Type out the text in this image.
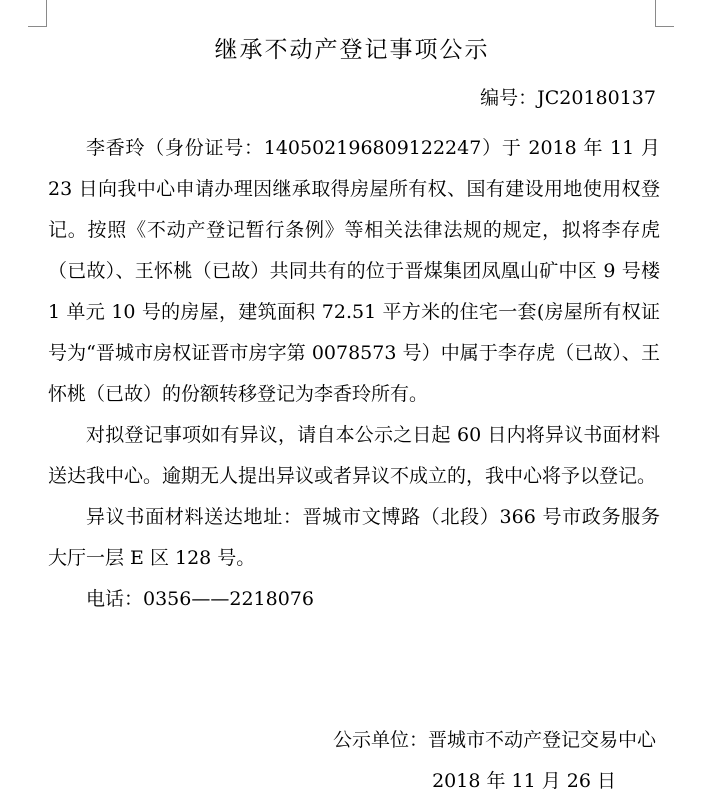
继承不动产登记事项公示
编号：JC20180137

李香玲（身份证号：140502196809122247）于 2018 年 11 月 23 日向我中心申请办理因继承取得房屋所有权、国有建设用地使用权登记。按照《不动产登记暂行条例》等相关法律法规的规定，拟将李存虎（已故）、王怀桃（已故）共同共有的位于晋煤集团凤凰山矿中区 9 号楼 1 单元 10 号的房屋，建筑面积 72.51 平方米的住宅一套(房屋所有权证号为“晋城市房权证晋市房字第 0078573 号）中属于李存虎（已故）、王怀桃（已故）的份额转移登记为李香玲所有。

对拟登记事项如有异议，请自本公示之日起 60 日内将异议书面材料送达我中心。逾期无人提出异议或者异议不成立的，我中心将予以登记。

异议书面材料送达地址：晋城市文博路（北段）366 号市政务服务大厅一层 E 区 128 号。

电话：0356——2218076

公示单位：晋城市不动产登记交易中心
2018 年 11 月 26 日
